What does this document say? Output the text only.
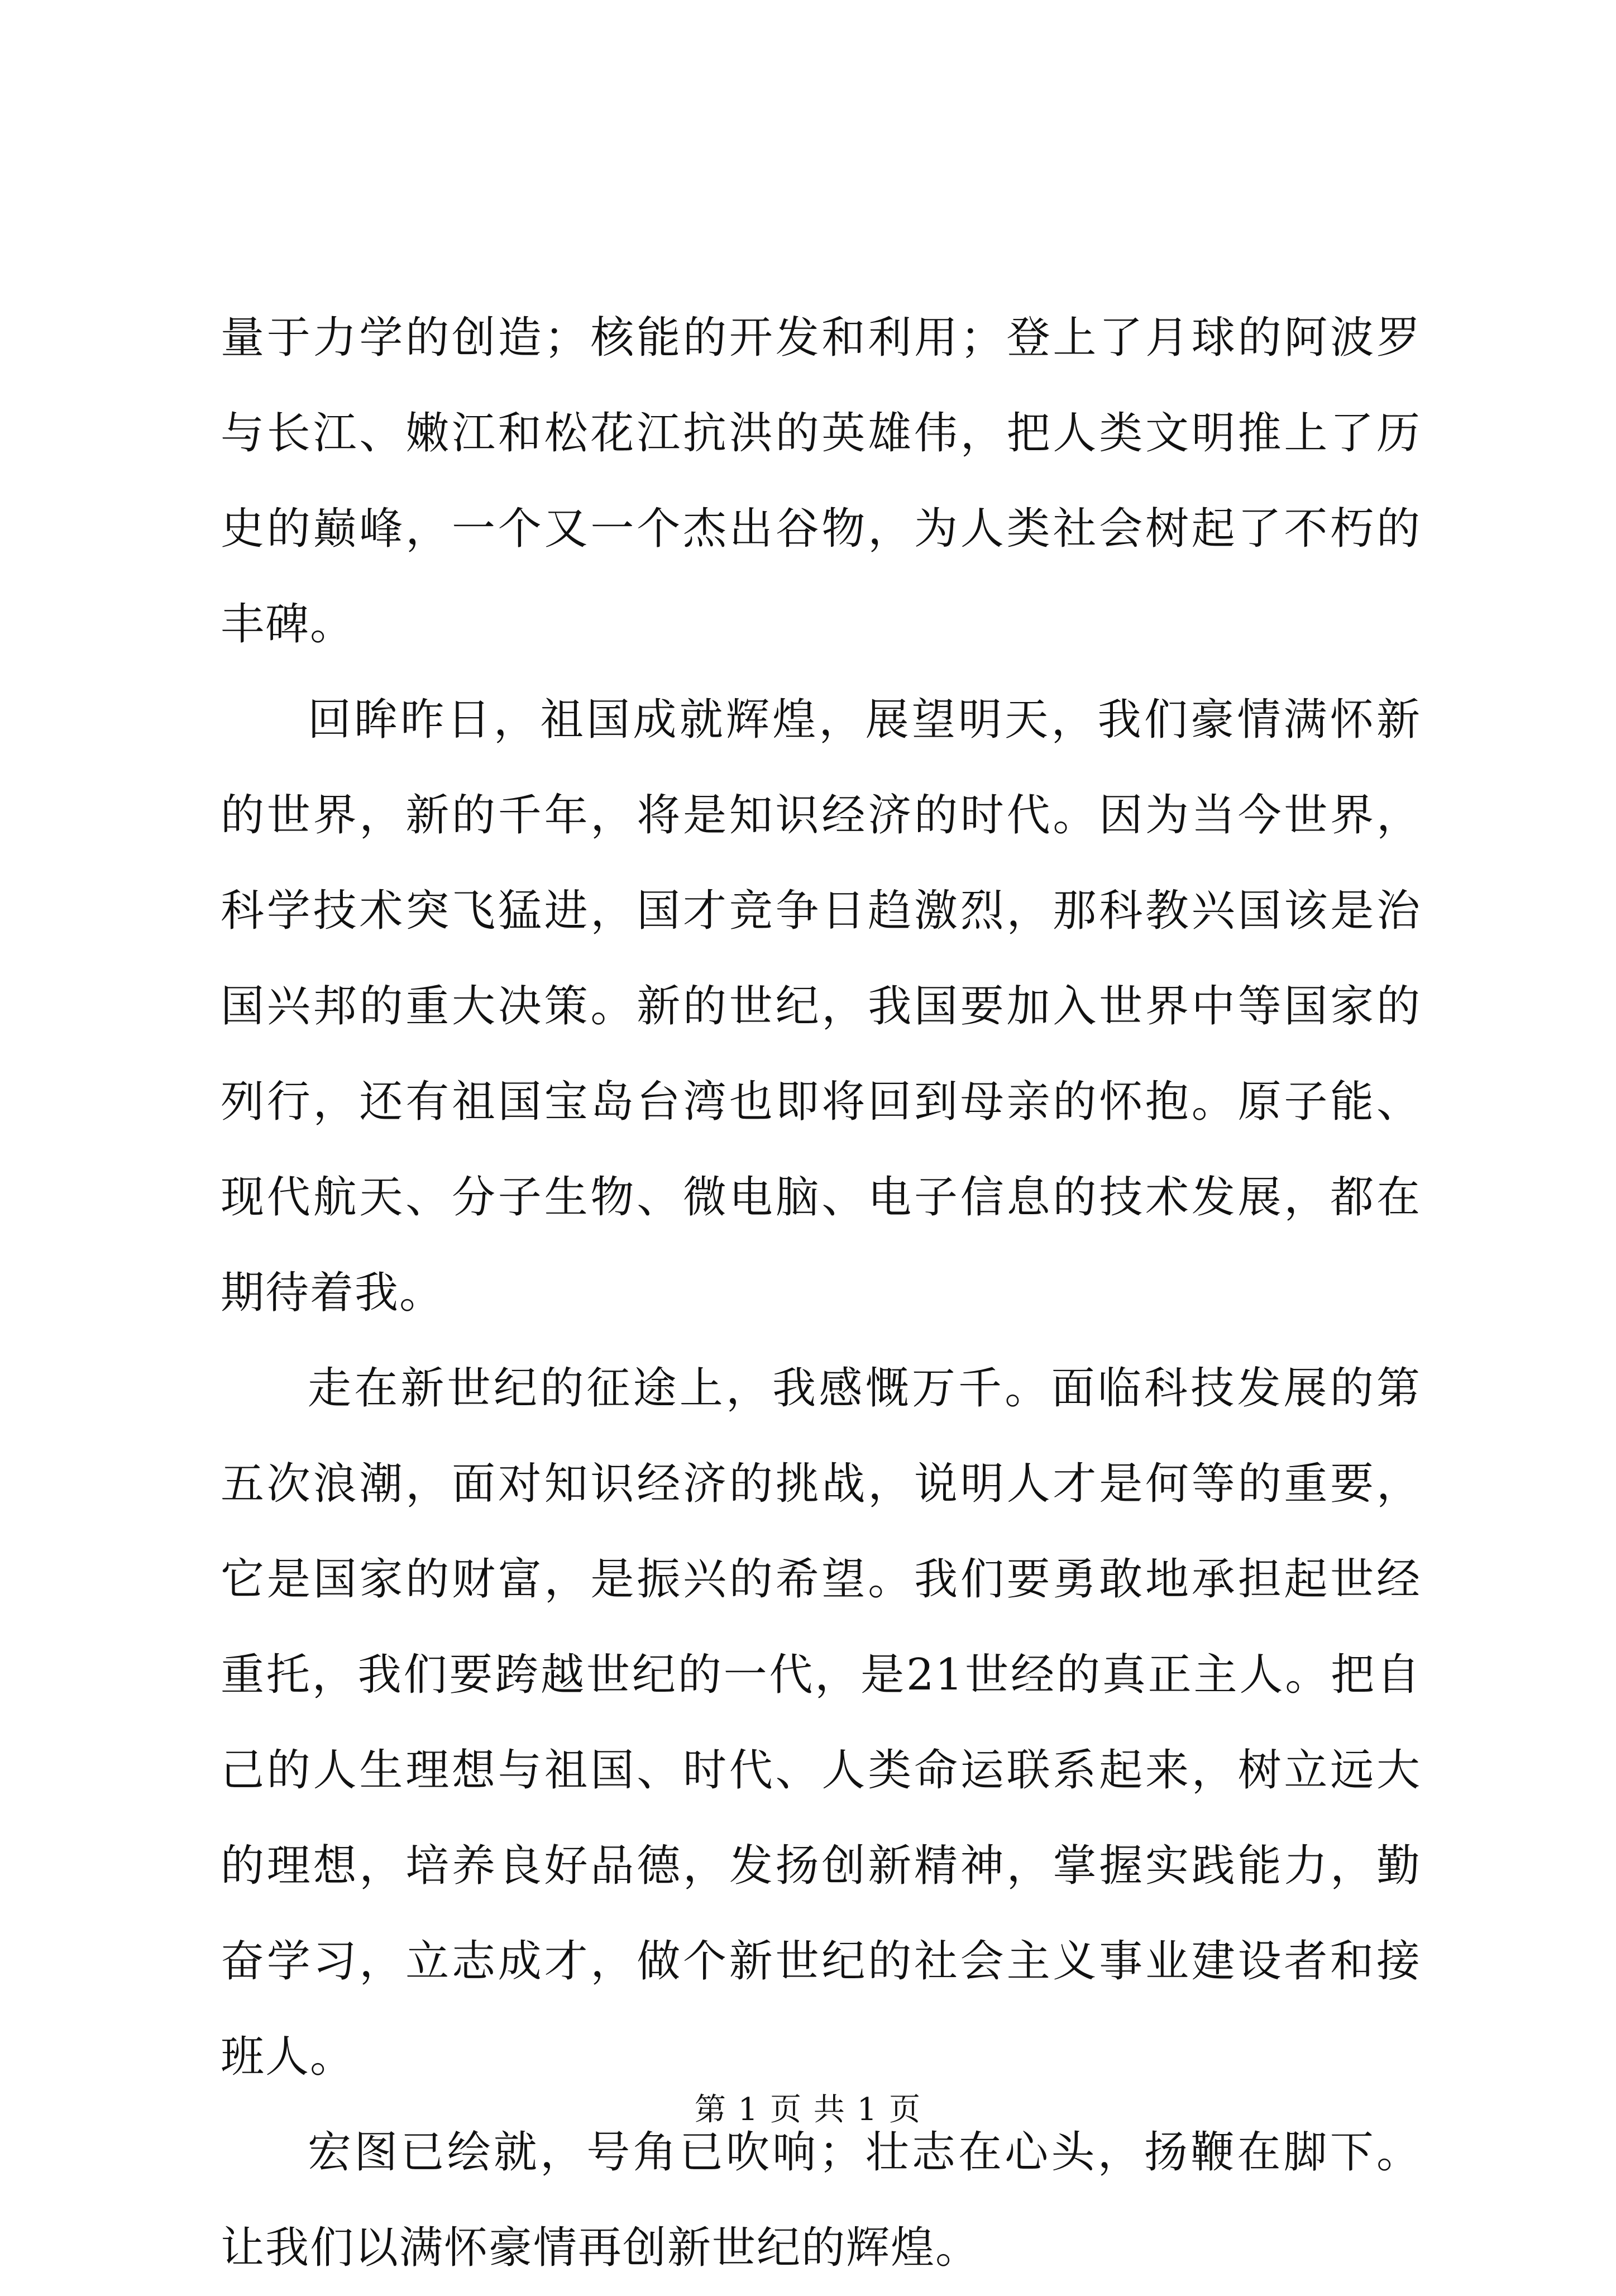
量于力学的创造；核能的开发和利用；登上了月球的阿波罗与长江、嫩江和松花江抗洪的英雄伟，把人类文明推上了历史的巅峰，一个又一个杰出谷物，为人类社会树起了不朽的丰碑。

回眸昨日，祖国成就辉煌，展望明天，我们豪情满怀新的世界，新的千年，将是知识经济的时代。因为当今世界，科学技术突飞猛进，国才竞争日趋激烈，那科教兴国该是治国兴邦的重大决策。新的世纪，我国要加入世界中等国家的列行，还有祖国宝岛台湾也即将回到母亲的怀抱。原子能、现代航天、分子生物、微电脑、电子信息的技术发展，都在期待着我。

走在新世纪的征途上，我感慨万千。面临科技发展的第五次浪潮，面对知识经济的挑战，说明人才是何等的重要，它是国家的财富，是振兴的希望。我们要勇敢地承担起世经重托，我们要跨越世纪的一代，是21世经的真正主人。把自己的人生理想与祖国、时代、人类命运联系起来，树立远大的理想，培养良好品德，发扬创新精神，掌握实践能力，勤奋学习，立志成才，做个新世纪的社会主义事业建设者和接班人。

宏图已绘就，号角已吹响；壮志在心头，扬鞭在脚下。让我们以满怀豪情再创新世纪的辉煌。

第 1 页 共 1 页
